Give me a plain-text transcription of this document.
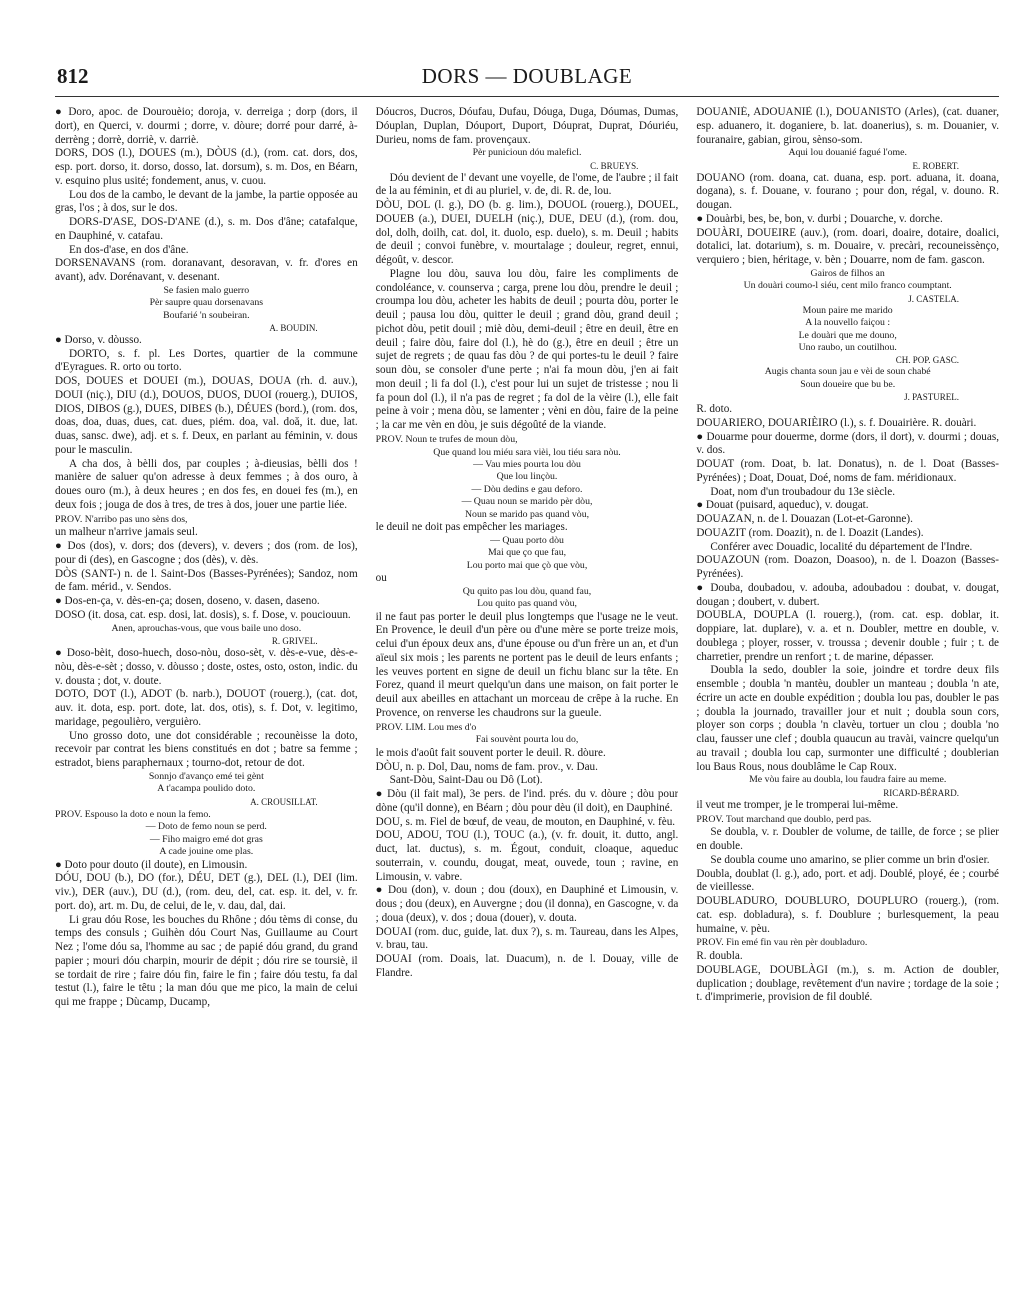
812	DORS — DOUBLAGE

● Doro, apoc. de Dourouèio; doroja, v. derreiga ; dorp (dors, il dort), en Querci, v. dourmi ; dorre, v. dòure; dorré pour darré, à-derrèng ; dorrè, dorriè, v. darriè.

DORS, DOS (l.), DOUES (m.), DÒUS (d.), (rom. cat. dors, dos, esp. port. dorso, it. dorso, dosso, lat. dorsum), s. m. Dos, en Béarn, v. esquino plus usité; fondement, anus, v. cuou.

Lou dos de la cambo, le devant de la jambe, la partie opposée au gras, l'os ; à dos, sur le dos.

DORS-D'ASE, DOS-D'ANE (d.), s. m. Dos d'âne; catafalque, en Dauphiné, v. catafau.

En dos-d'ase, en dos d'âne.

DORSENAVANS (rom. doranavant, desoravan, v. fr. d'ores en avant), adv. Dorénavant, v. desenant.

Se fasien malo guerro

Pèr saupre quau dorsenavans

Boufarié 'n soubeiran.

A. BOUDIN.

● Dorso, v. dòusso.

DORTO, s. f. pl. Les Dortes, quartier de la commune d'Eyragues. R. orto ou torto.

DOS, DOUES et DOUEI (m.), DOUAS, DOUA (rh. d. auv.), DOUI (niç.), DIU (d.), DOUOS, DUOS, DUOI (rouerg.), DUIOS, DIOS, DIBOS (g.), DUES, DIBES (b.), DÉUES (bord.), (rom. dos, doas, doa, duas, dues, cat. dues, piém. doa, val. doă, it. due, lat. duas, sansc. dwe), adj. et s. f. Deux, en parlant au féminin, v. dous pour le masculin.

A cha dos, à bèlli dos, par couples ; à-dieusias, bèlli dos ! manière de saluer qu'on adresse à deux femmes ; à dos ouro, à doues ouro (m.), à deux heures ; en dos fes, en douei fes (m.), en deux fois ; jouga de dos à tres, de tres à dos, jouer une partie liée.

PROV. N'arribo pas uno sèns dos,

un malheur n'arrive jamais seul.

● Dos (dos), v. dors; dos (devers), v. devers ; dos (rom. de los), pour di (des), en Gascogne ; dos (dès), v. dès.

DÒS (SANT-) n. de l. Saint-Dos (Basses-Pyrénées); Sandoz, nom de fam. mérid., v. Sendos.

● Dos-en-ça, v. dès-en-ça; dosen, doseno, v. dasen, daseno.

DOSO (it. dosa, cat. esp. dosi, lat. dosis), s. f. Dose, v. pouciouun.

Anen, aprouchas-vous, que vous baile uno doso.

R. GRIVEL.

● Doso-bèit, doso-huech, doso-nòu, doso-sèt, v. dès-e-vue, dès-e-nòu, dès-e-sèt ; dosso, v. dòusso ; doste, ostes, osto, oston, indic. du v. dousta ; dot, v. doute.

DOTO, DOT (l.), ADOT (b. narb.), DOUOT (rouerg.), (cat. dot, auv. it. dota, esp. port. dote, lat. dos, otis), s. f. Dot, v. legitimo, maridage, pegoulièro, verguièro.

Uno grosso doto, une dot considérable ; recounèisse la doto, recevoir par contrat les biens constitués en dot ; batre sa femme ; estradot, biens paraphernaux ; tourno-dot, retour de dot.

Sonnjo d'avanço emé tei gènt

A t'acampa poulido doto.

A. CROUSILLAT.

PROV. Espouso la doto e noun la femo.

— Doto de femo noun se perd.

— Fiho maigro emé dot gras

A cade jouine ome plas.

● Doto pour douto (il doute), en Limousin.

DÓU, DOU (b.), DO (for.), DÉU, DET (g.), DEL (l.), DEI (lim. viv.), DER (auv.), DU (d.), (rom. deu, del, cat. esp. it. del, v. fr. port. do), art. m. Du, de celui, de le, v. dau, dal, dai.

Li grau dóu Rose, les bouches du Rhône ; dóu tèms di conse, du temps des consuls ; Guihèn dóu Court Nas, Guillaume au Court Nez ; l'ome dóu sa, l'homme au sac ; de papié dóu grand, du grand papier ; mouri dóu charpin, mourir de dépit ; dóu rire se toursiè, il se tordait de rire ; faire dóu fin, faire le fin ; faire dóu testu, fa dal testut (l.), faire le têtu ; la man dóu que me pico, la main de celui qui me frappe ; Dùcamp, Ducamp,

Dóucros, Ducros, Dóufau, Dufau, Dóuga, Duga, Dóumas, Dumas, Dóuplan, Duplan, Dóuport, Duport, Dóuprat, Duprat, Dóuriéu, Durieu, noms de fam. provençaux.

Pèr punicioun dóu maleficl.

C. BRUEYS.

Dóu devient de l' devant une voyelle, de l'ome, de l'aubre ; il fait de la au féminin, et di au pluriel, v. de, di. R. de, lou.

DÒU, DOL (l. g.), DO (b. g. lim.), DOUOL (rouerg.), DOUEL, DOUEB (a.), DUEI, DUELH (niç.), DUE, DEU (d.), (rom. dou, dol, dolh, doilh, cat. dol, it. duolo, esp. duelo), s. m. Deuil ; habits de deuil ; convoi funèbre, v. mourtalage ; douleur, regret, ennui, dégoût, v. descor.

Plagne lou dòu, sauva lou dòu, faire les compliments de condoléance, v. counserva ; carga, prene lou dòu, prendre le deuil ; croumpa lou dòu, acheter les habits de deuil ; pourta dòu, porter le deuil ; pausa lou dòu, quitter le deuil ; grand dòu, grand deuil ; pichot dòu, petit douil ; miè dòu, demi-deuil ; être en deuil, être en deuil ; faire dòu, faire dol (l.), hè do (g.), être en deuil ; être un sujet de regrets ; de quau fas dòu ? de qui portes-tu le deuil ? faire soun dòu, se consoler d'une perte ; n'ai fa moun dòu, j'en ai fait mon deuil ; li fa dol (l.), c'est pour lui un sujet de tristesse ; nou li fa poun dol (l.), il n'a pas de regret ; fa dol de la vèire (l.), elle fait peine à voir ; mena dòu, se lamenter ; vèni en dòu, faire de la peine ; la car me vèn en dòu, je suis dégoûté de la viande.

PROV. Noun te trufes de moun dòu,

Que quand lou miéu sara vièi, lou tiéu sara nòu.

— Vau mies pourta lou dòu

Que lou linçòu.

— Dòu dedins e gau deforo.

— Quau noun se marido pèr dòu,

Noun se marido pas quand vòu,

le deuil ne doit pas empêcher les mariages.

— Quau porto dòu

Mai que ço que fau,

Lou porto mai que çò que vòu,

ou

Qu quito pas lou dòu, quand fau,

Lou quito pas quand vòu,

il ne faut pas porter le deuil plus longtemps que l'usage ne le veut. En Provence, le deuil d'un père ou d'une mère se porte treize mois, celui d'un époux deux ans, d'une épouse ou d'un frère un an, et d'un aïeul six mois ; les parents ne portent pas le deuil de leurs enfants ; les veuves portent en signe de deuil un fichu blanc sur la tête. En Forez, quand il meurt quelqu'un dans une maison, on fait porter le deuil aux abeilles en attachant un morceau de crêpe à la ruche. En Provence, on renverse les chaudrons sur la gueule.

PROV. LIM. Lou mes d'o

Fai souvènt pourta lou do,

le mois d'août fait souvent porter le deuil. R. dòure.

DÒU, n. p. Dol, Dau, noms de fam. prov., v. Dau.

Sant-Dòu, Saint-Dau ou Dô (Lot).

● Dòu (il fait mal), 3e pers. de l'ind. prés. du v. dòure ; dòu pour dòne (qu'il donne), en Béarn ; dòu pour dèu (il doit), en Dauphiné.

DOU, s. m. Fiel de bœuf, de veau, de mouton, en Dauphiné, v. fèu.

DOU, ADOU, TOU (l.), TOUC (a.), (v. fr. douit, it. dutto, angl. duct, lat. ductus), s. m. Égout, conduit, cloaque, aqueduc souterrain, v. coundu, dougat, meat, ouvede, toun ; ravine, en Limousin, v. vabre.

● Dou (don), v. doun ; dou (doux), en Dauphiné et Limousin, v. dous ; dou (deux), en Auvergne ; dou (il donna), en Gascogne, v. da ; doua (deux), v. dos ; doua (douer), v. douta.

DOUAI (rom. duc, guide, lat. dux ?), s. m. Taureau, dans les Alpes, v. brau, tau.

DOUAI (rom. Doais, lat. Duacum), n. de l. Douay, ville de Flandre.

DOUANIÉ, ADOUANIÈ (l.), DOUANISTO (Arles), (cat. duaner, esp. aduanero, it. doganiere, b. lat. doanerius), s. m. Douanier, v. fouranaire, gabian, girou, sènso-som.

Aqui lou douanié fagué l'ome.

E. ROBERT.

DOUANO (rom. doana, cat. duana, esp. port. aduana, it. doana, dogana), s. f. Douane, v. fourano ; pour don, régal, v. douno. R. dougan.

● Douàrbi, bes, be, bon, v. durbi ; Douarche, v. dorche.

DOUÀRI, DOUEIRE (auv.), (rom. doari, doaire, dotaire, doalici, dotalici, lat. dotarium), s. m. Douaire, v. precàri, recouneissènço, verquiero ; bien, héritage, v. bèn ; Douarre, nom de fam. gascon.

Gairos de filhos an

Un douàri coumo-l siéu, cent milo franco coumptant.

J. CASTELA.

Moun paire me marido

A la nouvello faiçou :

Le douàri que me douno,

Uno raubo, un coutilhou.

CH. POP. GASC.

Augis chanta soun jau e vèi de soun chabé

Soun doueire que bu be.

J. PASTUREL.

R. doto.

DOUARIERO, DOUARIÈIRO (l.), s. f. Douairière. R. douàri.

● Douarme pour douerme, dorme (dors, il dort), v. dourmi ; douas, v. dos.

DOUAT (rom. Doat, b. lat. Donatus), n. de l. Doat (Basses-Pyrénées) ; Doat, Douat, Doé, noms de fam. méridionaux.

Doat, nom d'un troubadour du 13e siècle.

● Douat (puisard, aqueduc), v. dougat.

DOUAZAN, n. de l. Douazan (Lot-et-Garonne).

DOUAZIT (rom. Doazit), n. de l. Doazit (Landes).

Conférer avec Douadic, localité du département de l'Indre.

DOUAZOUN (rom. Doazon, Doasoo), n. de l. Doazon (Basses-Pyrénées).

● Douba, doubadou, v. adouba, adoubadou : doubat, v. dougat, dougan ; doubert, v. dubert.

DOUBLA, DOUPLA (l. rouerg.), (rom. cat. esp. doblar, it. doppiare, lat. duplare), v. a. et n. Doubler, mettre en double, v. doublega ; ployer, rosser, v. troussa ; devenir double ; fuir ; t. de charretier, prendre un renfort ; t. de marine, dépasser.

Doubla la sedo, doubler la soie, joindre et tordre deux fils ensemble ; doubla 'n mantèu, doubler un manteau ; doubla 'n ate, écrire un acte en double expédition ; doubla lou pas, doubler le pas ; doubla la journado, travailler jour et nuit ; doubla soun cors, ployer son corps ; doubla 'n clavèu, tortuer un clou ; doubla 'no clau, fausser une clef ; doubla quaucun au travài, vaincre quelqu'un au travail ; doubla lou cap, surmonter une difficulté ; doublerian lou Baus Rous, nous doublâme le Cap Roux.

Me vòu faire au doubla, lou faudra faire au meme.

RICARD-BÉRARD.

il veut me tromper, je le tromperai lui-même.

PROV. Tout marchand que doublo, perd pas.

Se doubla, v. r. Doubler de volume, de taille, de force ; se plier en double.

Se doubla coume uno amarino, se plier comme un brin d'osier.

Doubla, doublat (l. g.), ado, port. et adj. Doublé, ployé, ée ; courbé de vieillesse.

DOUBLADURO, DOUBLURO, DOUPLURO (rouerg.), (rom. cat. esp. dobladura), s. f. Doublure ; burlesquement, la peau humaine, v. pèu.

PROV. Fin emé fin vau rèn pèr doubladuro.

R. doubla.

DOUBLAGE, DOUBLÀGI (m.), s. m. Action de doubler, duplication ; doublage, revêtement d'un navire ; tordage de la soie ; t. d'imprimerie, provision de fil doublé.
